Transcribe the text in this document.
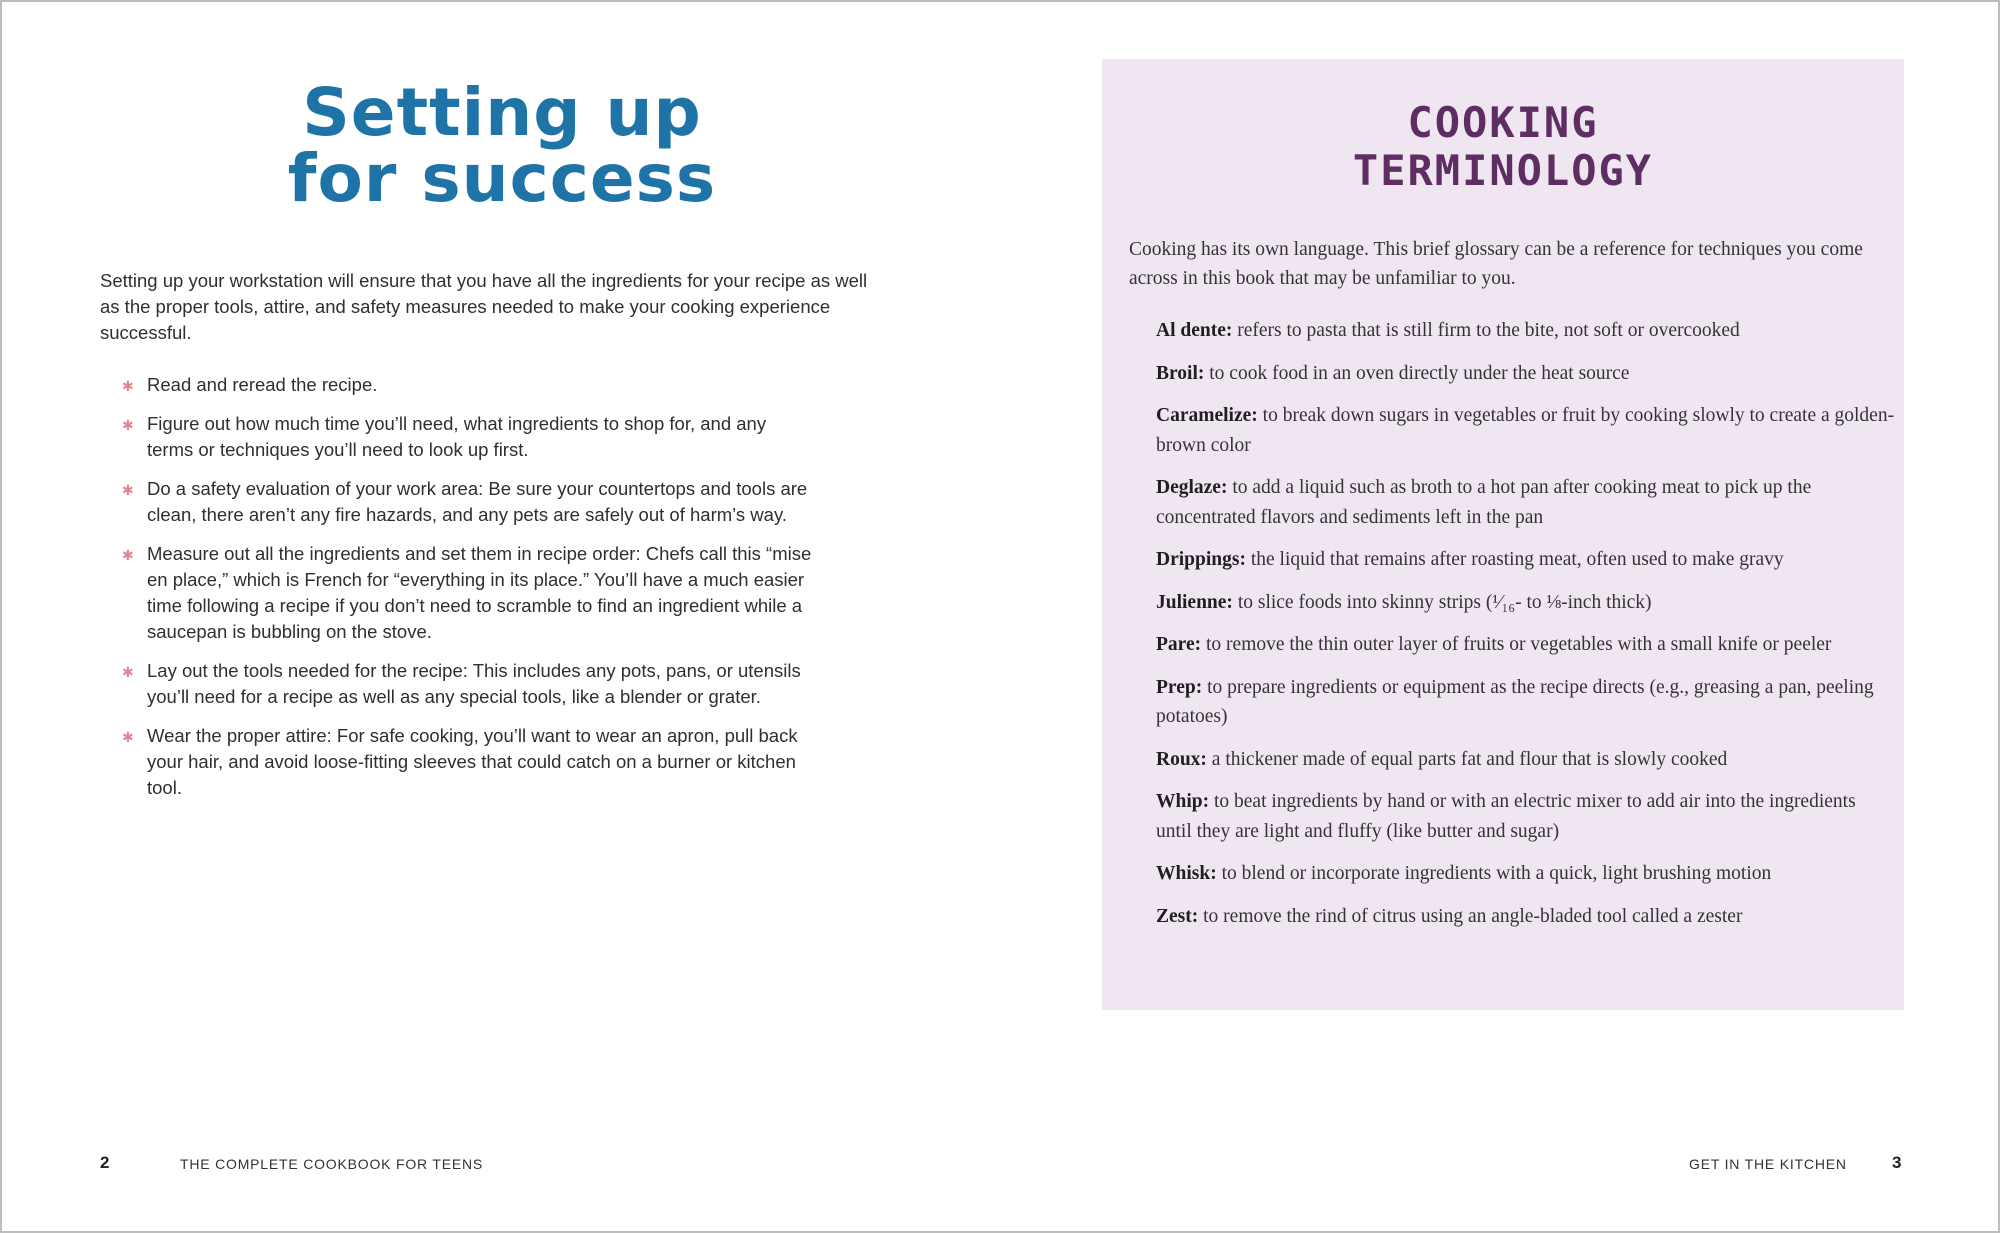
Setting up
for success

Setting up your workstation will ensure that you have all the ingredients for your recipe as well as the proper tools, attire, and safety measures needed to make your cooking experience successful.

✱ Read and reread the recipe.
✱ Figure out how much time you’ll need, what ingredients to shop for, and any terms or techniques you’ll need to look up first.
✱ Do a safety evaluation of your work area: Be sure your countertops and tools are clean, there aren’t any fire hazards, and any pets are safely out of harm’s way.
✱ Measure out all the ingredients and set them in recipe order: Chefs call this “mise en place,” which is French for “everything in its place.” You’ll have a much easier time following a recipe if you don’t need to scramble to find an ingredient while a saucepan is bubbling on the stove.
✱ Lay out the tools needed for the recipe: This includes any pots, pans, or utensils you’ll need for a recipe as well as any special tools, like a blender or grater.
✱ Wear the proper attire: For safe cooking, you’ll want to wear an apron, pull back your hair, and avoid loose-fitting sleeves that could catch on a burner or kitchen tool.
2	THE COMPLETE COOKBOOK FOR TEENS
COOKING
TERMINOLOGY

Cooking has its own language. This brief glossary can be a reference for techniques you come across in this book that may be unfamiliar to you.

Al dente: refers to pasta that is still firm to the bite, not soft or overcooked
Broil: to cook food in an oven directly under the heat source
Caramelize: to break down sugars in vegetables or fruit by cooking slowly to create a golden-brown color
Deglaze: to add a liquid such as broth to a hot pan after cooking meat to pick up the concentrated flavors and sediments left in the pan
Drippings: the liquid that remains after roasting meat, often used to make gravy
Julienne: to slice foods into skinny strips (¹⁄₁₆- to ⅛-inch thick)
Pare: to remove the thin outer layer of fruits or vegetables with a small knife or peeler
Prep: to prepare ingredients or equipment as the recipe directs (e.g., greasing a pan, peeling potatoes)
Roux: a thickener made of equal parts fat and flour that is slowly cooked
Whip: to beat ingredients by hand or with an electric mixer to add air into the ingredients until they are light and fluffy (like butter and sugar)
Whisk: to blend or incorporate ingredients with a quick, light brushing motion
Zest: to remove the rind of citrus using an angle-bladed tool called a zester
GET IN THE KITCHEN	3
